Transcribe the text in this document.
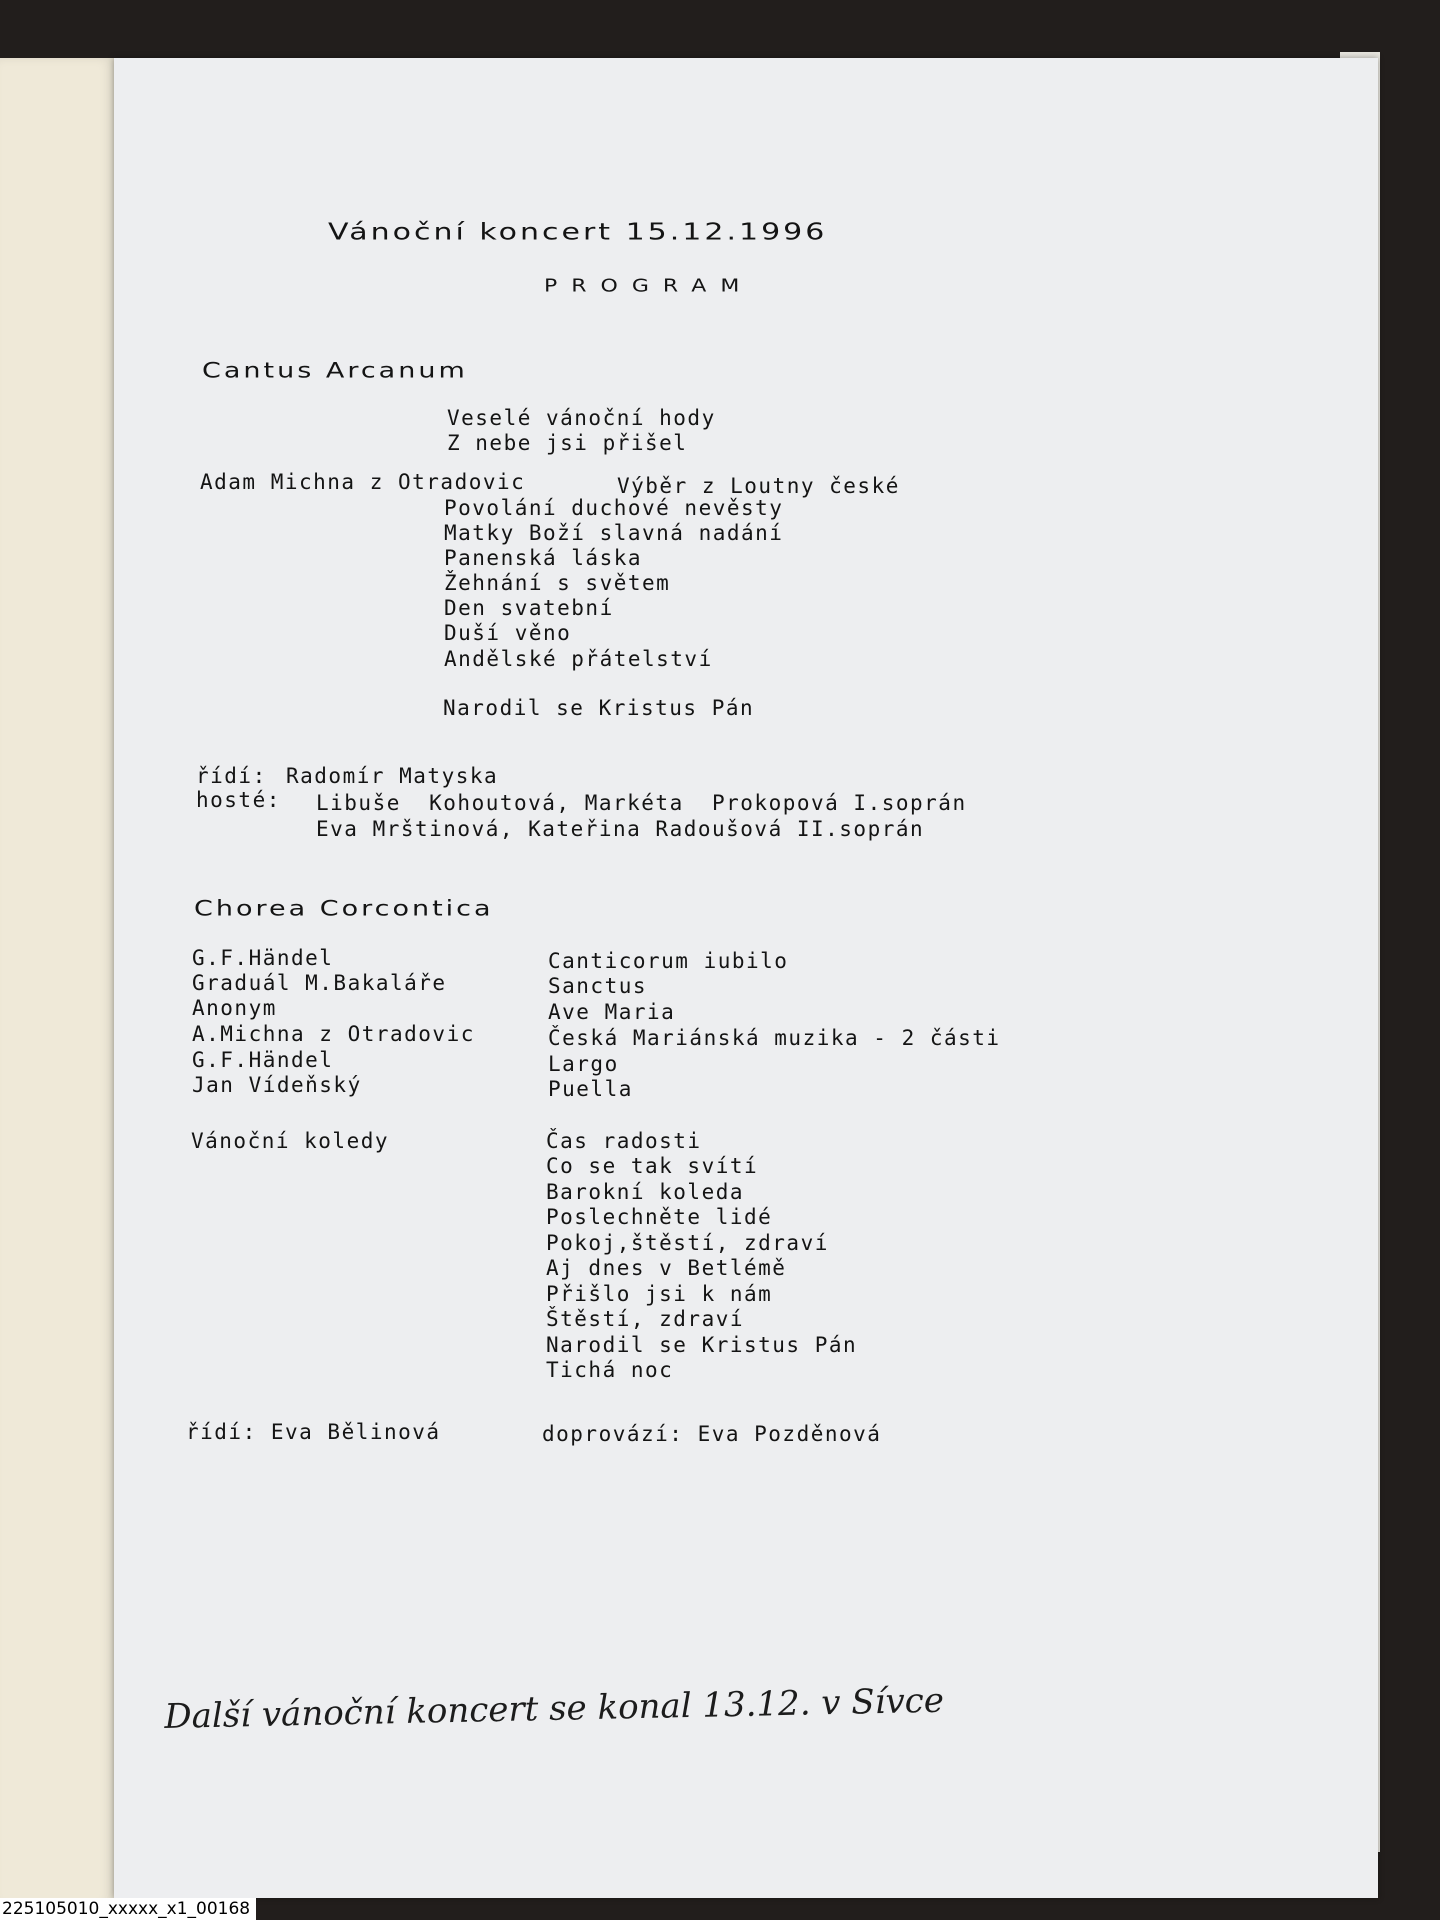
Vánoční koncert 15.12.1996
PROGRAM
Cantus Arcanum
Veselé vánoční hody
Z nebe jsi přišel
Adam Michna z Otradovic	Výběr z Loutny české
Povolání duchové nevěsty
Matky Boží slavná nadání
Panenská láska
Žehnání s světem
Den svatební
Duší věno
Andělské přátelství
Narodil se Kristus Pán
řídí: Radomír Matyska
hosté: Libuše  Kohoutová, Markéta  Prokopová I.soprán
Eva Mrštinová, Kateřina Radoušová II.soprán
Chorea Corcontica
G.F.Händel	Canticorum iubilo
Graduál M.Bakaláře	Sanctus
Anonym	Ave Maria
A.Michna z Otradovic	Česká Mariánská muzika - 2 části
G.F.Händel	Largo
Jan Vídeňský	Puella
Vánoční koledy	Čas radosti
Co se tak svítí
Barokní koleda
Poslechněte lidé
Pokoj,štěstí, zdraví
Aj dnes v Betlémě
Přišlo jsi k nám
Štěstí, zdraví
Narodil se Kristus Pán
Tichá noc
řídí: Eva Bělinová	doprovází: Eva Pozděnová
Další vánoční koncert se konal 13.12. v Sívce
225105010_xxxxx_x1_00168
